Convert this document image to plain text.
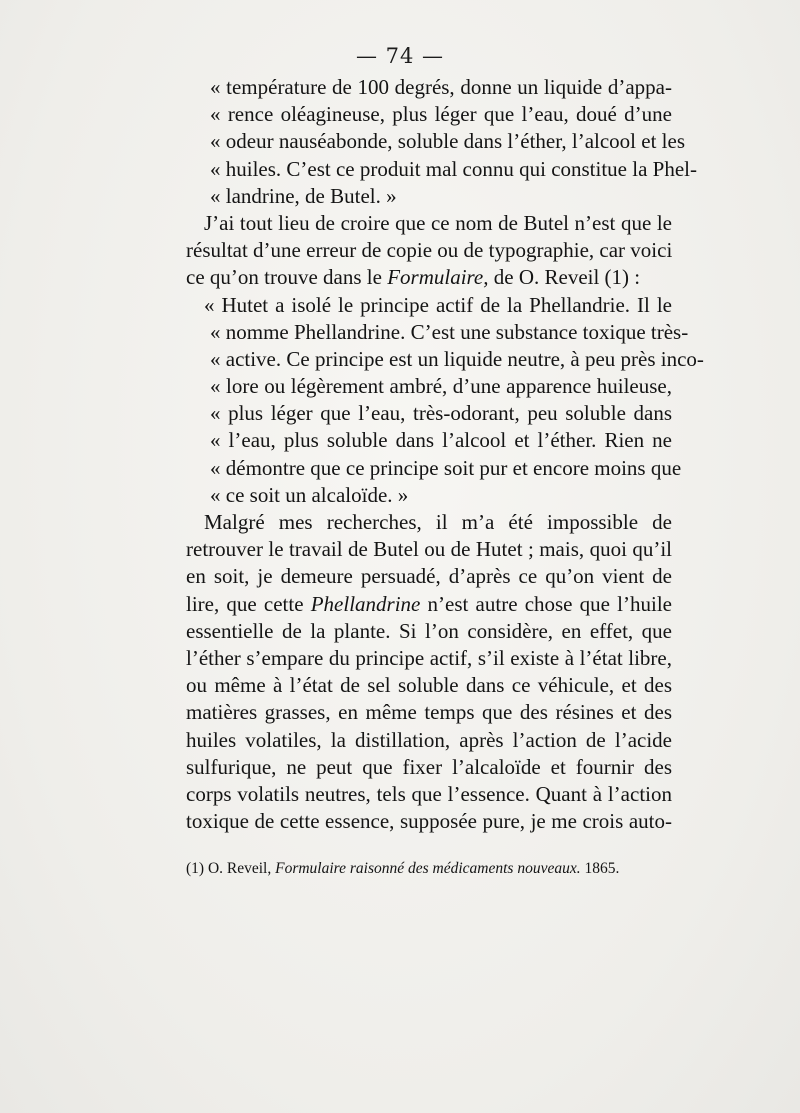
— 74 —
« température de 100 degrés, donne un liquide d’appa-
« rence oléagineuse, plus léger que l’eau, doué d’une
« odeur nauséabonde, soluble dans l’éther, l’alcool et les
« huiles. C’est ce produit mal connu qui constitue la Phel-
« landrine, de Butel. »
J’ai tout lieu de croire que ce nom de Butel n’est que le
résultat d’une erreur de copie ou de typographie, car voici
ce qu’on trouve dans le Formulaire, de O. Reveil (1) :
« Hutet a isolé le principe actif de la Phellandrie. Il le
« nomme Phellandrine. C’est une substance toxique très-
« active. Ce principe est un liquide neutre, à peu près inco-
« lore ou légèrement ambré, d’une apparence huileuse,
« plus léger que l’eau, très-odorant, peu soluble dans
« l’eau, plus soluble dans l’alcool et l’éther. Rien ne
« démontre que ce principe soit pur et encore moins que
« ce soit un alcaloïde. »
Malgré mes recherches, il m’a été impossible de
retrouver le travail de Butel ou de Hutet ; mais, quoi qu’il
en soit, je demeure persuadé, d’après ce qu’on vient de
lire, que cette Phellandrine n’est autre chose que l’huile
essentielle de la plante. Si l’on considère, en effet, que
l’éther s’empare du principe actif, s’il existe à l’état libre,
ou même à l’état de sel soluble dans ce véhicule, et des
matières grasses, en même temps que des résines et des
huiles volatiles, la distillation, après l’action de l’acide
sulfurique, ne peut que fixer l’alcaloïde et fournir des
corps volatils neutres, tels que l’essence. Quant à l’action
toxique de cette essence, supposée pure, je me crois auto-
(1) O. Reveil, Formulaire raisonné des médicaments nouveaux. 1865.
